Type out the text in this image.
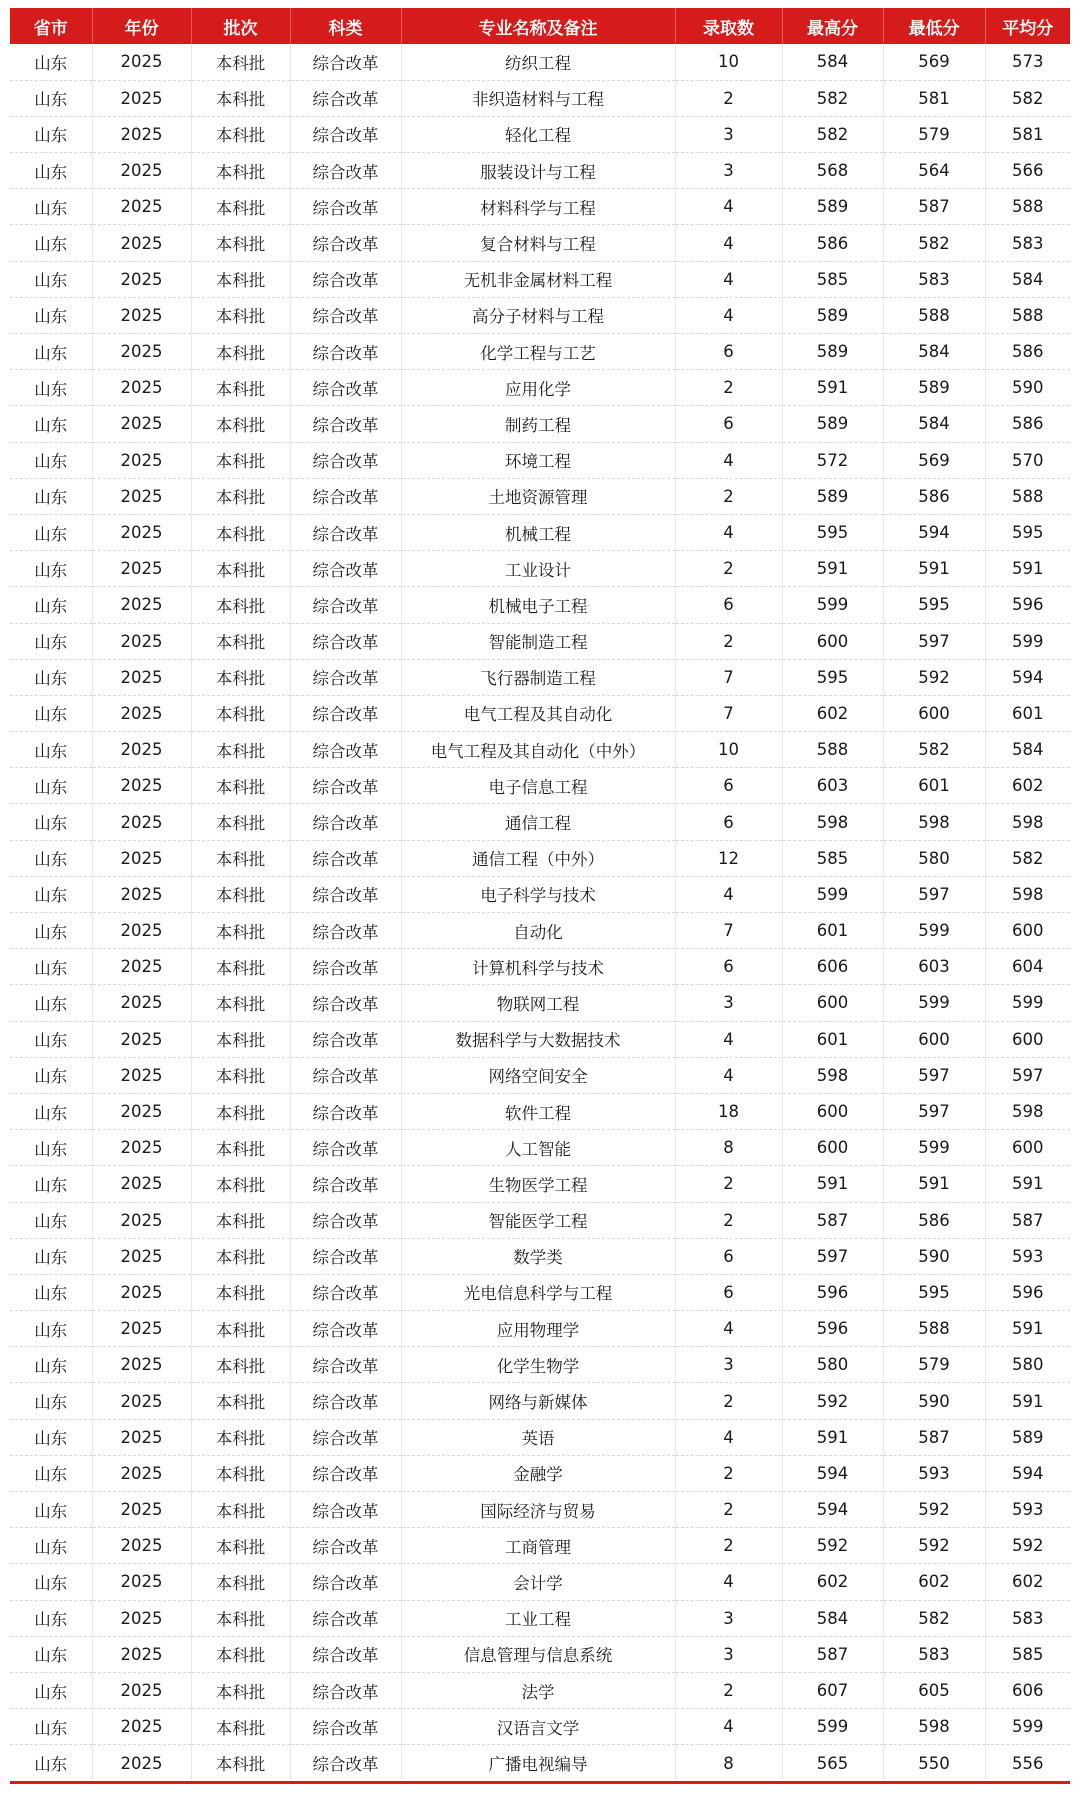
省市	年份	批次	科类	专业名称及备注	录取数	最高分	最低分	平均分
山东	2025	本科批	综合改革	纺织工程	10	584	569	573
山东	2025	本科批	综合改革	非织造材料与工程	2	582	581	582
山东	2025	本科批	综合改革	轻化工程	3	582	579	581
山东	2025	本科批	综合改革	服装设计与工程	3	568	564	566
山东	2025	本科批	综合改革	材料科学与工程	4	589	587	588
山东	2025	本科批	综合改革	复合材料与工程	4	586	582	583
山东	2025	本科批	综合改革	无机非金属材料工程	4	585	583	584
山东	2025	本科批	综合改革	高分子材料与工程	4	589	588	588
山东	2025	本科批	综合改革	化学工程与工艺	6	589	584	586
山东	2025	本科批	综合改革	应用化学	2	591	589	590
山东	2025	本科批	综合改革	制药工程	6	589	584	586
山东	2025	本科批	综合改革	环境工程	4	572	569	570
山东	2025	本科批	综合改革	土地资源管理	2	589	586	588
山东	2025	本科批	综合改革	机械工程	4	595	594	595
山东	2025	本科批	综合改革	工业设计	2	591	591	591
山东	2025	本科批	综合改革	机械电子工程	6	599	595	596
山东	2025	本科批	综合改革	智能制造工程	2	600	597	599
山东	2025	本科批	综合改革	飞行器制造工程	7	595	592	594
山东	2025	本科批	综合改革	电气工程及其自动化	7	602	600	601
山东	2025	本科批	综合改革	电气工程及其自动化（中外）	10	588	582	584
山东	2025	本科批	综合改革	电子信息工程	6	603	601	602
山东	2025	本科批	综合改革	通信工程	6	598	598	598
山东	2025	本科批	综合改革	通信工程（中外）	12	585	580	582
山东	2025	本科批	综合改革	电子科学与技术	4	599	597	598
山东	2025	本科批	综合改革	自动化	7	601	599	600
山东	2025	本科批	综合改革	计算机科学与技术	6	606	603	604
山东	2025	本科批	综合改革	物联网工程	3	600	599	599
山东	2025	本科批	综合改革	数据科学与大数据技术	4	601	600	600
山东	2025	本科批	综合改革	网络空间安全	4	598	597	597
山东	2025	本科批	综合改革	软件工程	18	600	597	598
山东	2025	本科批	综合改革	人工智能	8	600	599	600
山东	2025	本科批	综合改革	生物医学工程	2	591	591	591
山东	2025	本科批	综合改革	智能医学工程	2	587	586	587
山东	2025	本科批	综合改革	数学类	6	597	590	593
山东	2025	本科批	综合改革	光电信息科学与工程	6	596	595	596
山东	2025	本科批	综合改革	应用物理学	4	596	588	591
山东	2025	本科批	综合改革	化学生物学	3	580	579	580
山东	2025	本科批	综合改革	网络与新媒体	2	592	590	591
山东	2025	本科批	综合改革	英语	4	591	587	589
山东	2025	本科批	综合改革	金融学	2	594	593	594
山东	2025	本科批	综合改革	国际经济与贸易	2	594	592	593
山东	2025	本科批	综合改革	工商管理	2	592	592	592
山东	2025	本科批	综合改革	会计学	4	602	602	602
山东	2025	本科批	综合改革	工业工程	3	584	582	583
山东	2025	本科批	综合改革	信息管理与信息系统	3	587	583	585
山东	2025	本科批	综合改革	法学	2	607	605	606
山东	2025	本科批	综合改革	汉语言文学	4	599	598	599
山东	2025	本科批	综合改革	广播电视编导	8	565	550	556
